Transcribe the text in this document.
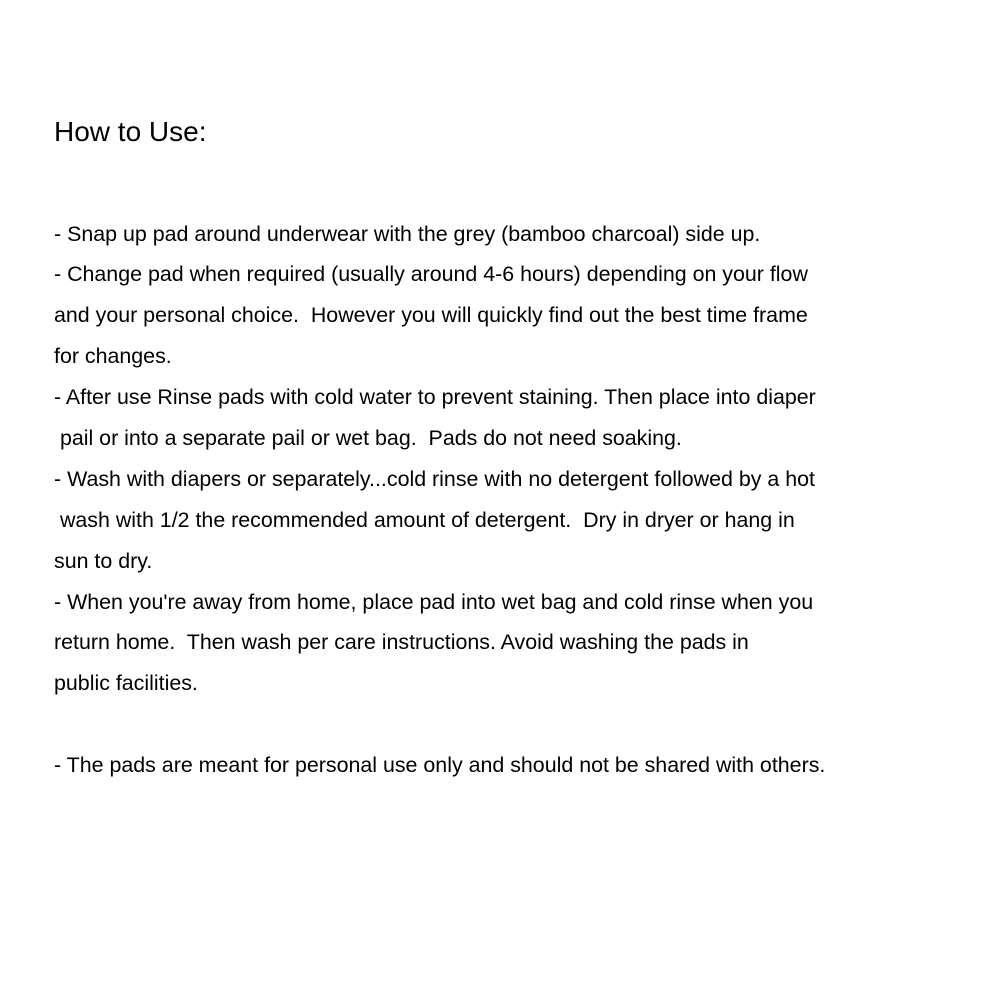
How to Use:
- Snap up pad around underwear with the grey (bamboo charcoal) side up.
- Change pad when required (usually around 4-6 hours) depending on your flow
and your personal choice.  However you will quickly find out the best time frame
for changes.
- After use Rinse pads with cold water to prevent staining. Then place into diaper
pail or into a separate pail or wet bag.  Pads do not need soaking.
- Wash with diapers or separately...cold rinse with no detergent followed by a hot
wash with 1/2 the recommended amount of detergent.  Dry in dryer or hang in
sun to dry.
- When you're away from home, place pad into wet bag and cold rinse when you
return home.  Then wash per care instructions. Avoid washing the pads in
public facilities.
- The pads are meant for personal use only and should not be shared with others.
